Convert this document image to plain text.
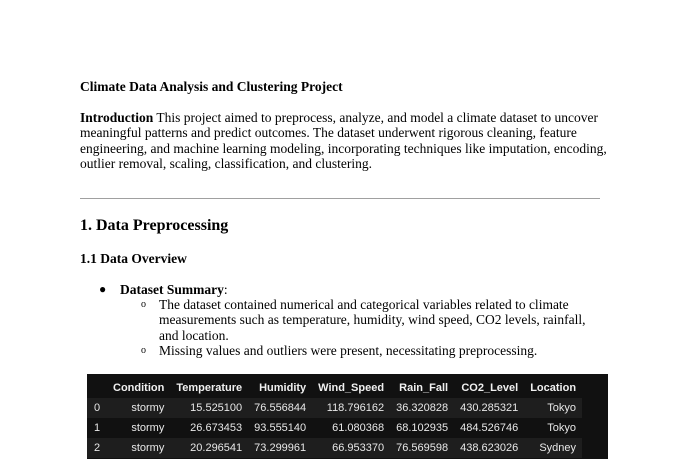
Climate Data Analysis and Clustering Project
Introduction This project aimed to preprocess, analyze, and model a climate dataset to uncover meaningful patterns and predict outcomes. The dataset underwent rigorous cleaning, feature engineering, and machine learning modeling, incorporating techniques like imputation, encoding, outlier removal, scaling, classification, and clustering.
1. Data Preprocessing
1.1 Data Overview
● Dataset Summary:

o The dataset contained numerical and categorical variables related to climate measurements such as temperature, humidity, wind speed, CO2 levels, rainfall, and location.

o Missing values and outliers were present, necessitating preprocessing.

	Condition	Temperature	Humidity	Wind_Speed	Rain_Fall	CO2_Level	Location
0	stormy	15.525100	76.556844	118.796162	36.320828	430.285321	Tokyo
1	stormy	26.673453	93.555140	61.080368	68.102935	484.526746	Tokyo
2	stormy	20.296541	73.299961	66.953370	76.569598	438.623026	Sydney
